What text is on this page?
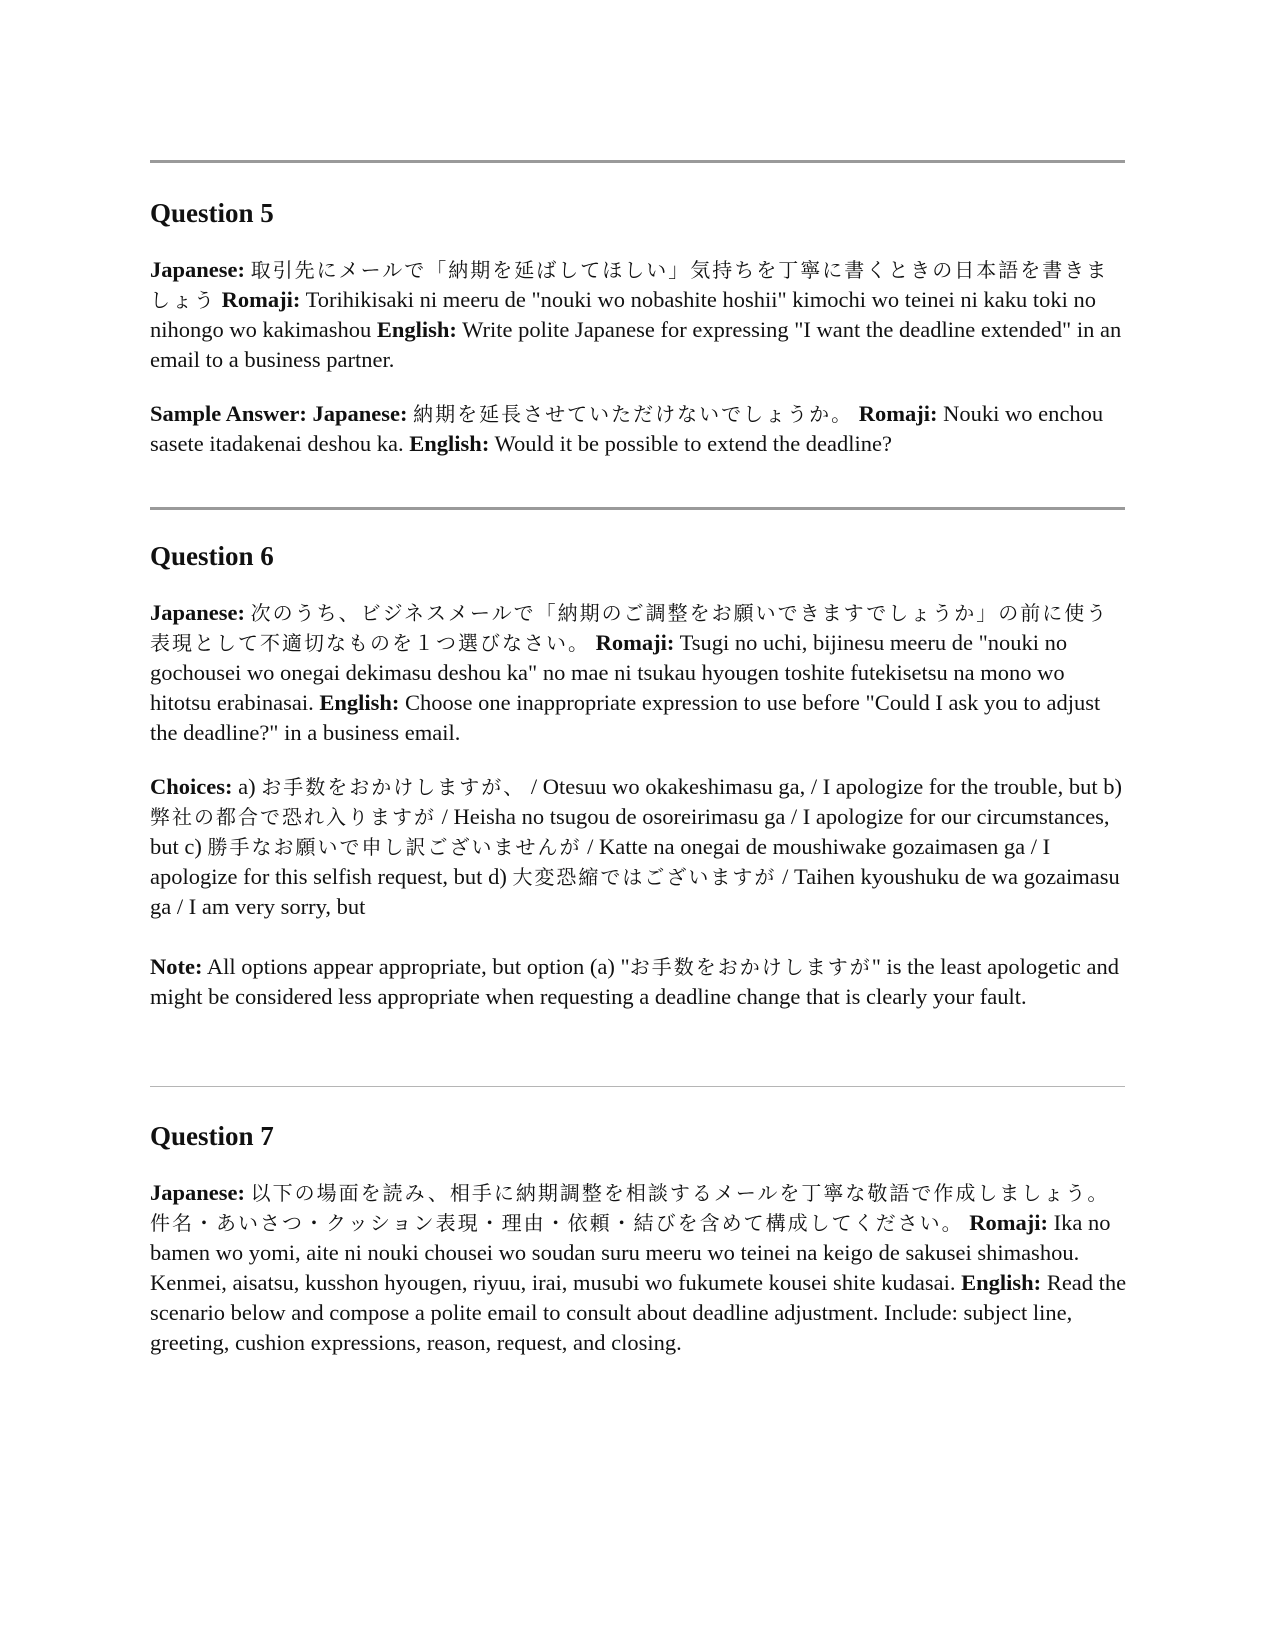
Question 5

Japanese: 取引先にメールで「納期を延ばしてほしい」気持ちを丁寧に書くときの日本語を書きましょう Romaji: Torihikisaki ni meeru de "nouki wo nobashite hoshii" kimochi wo teinei ni kaku toki no nihongo wo kakimashou English: Write polite Japanese for expressing "I want the deadline extended" in an email to a business partner.

Sample Answer: Japanese: 納期を延長させていただけないでしょうか。 Romaji: Nouki wo enchou sasete itadakenai deshou ka. English: Would it be possible to extend the deadline?

Question 6

Japanese: 次のうち、ビジネスメールで「納期のご調整をお願いできますでしょうか」の前に使う表現として不適切なものを１つ選びなさい。 Romaji: Tsugi no uchi, bijinesu meeru de "nouki no gochousei wo onegai dekimasu deshou ka" no mae ni tsukau hyougen toshite futekisetsu na mono wo hitotsu erabinasai. English: Choose one inappropriate expression to use before "Could I ask you to adjust the deadline?" in a business email.

Choices: a) お手数をおかけしますが、 / Otesuu wo okakeshimasu ga, / I apologize for the trouble, but b) 弊社の都合で恐れ入りますが / Heisha no tsugou de osoreirimasu ga / I apologize for our circumstances, but c) 勝手なお願いで申し訳ございませんが / Katte na onegai de moushiwake gozaimasen ga / I apologize for this selfish request, but d) 大変恐縮ではございますが / Taihen kyoushuku de wa gozaimasu ga / I am very sorry, but

Note: All options appear appropriate, but option (a) "お手数をおかけしますが" is the least apologetic and might be considered less appropriate when requesting a deadline change that is clearly your fault.

Question 7

Japanese: 以下の場面を読み、相手に納期調整を相談するメールを丁寧な敬語で作成しましょう。 件名・あいさつ・クッション表現・理由・依頼・結びを含めて構成してください。 Romaji: Ika no bamen wo yomi, aite ni nouki chousei wo soudan suru meeru wo teinei na keigo de sakusei shimashou. Kenmei, aisatsu, kusshon hyougen, riyuu, irai, musubi wo fukumete kousei shite kudasai. English: Read the scenario below and compose a polite email to consult about deadline adjustment. Include: subject line, greeting, cushion expressions, reason, request, and closing.
